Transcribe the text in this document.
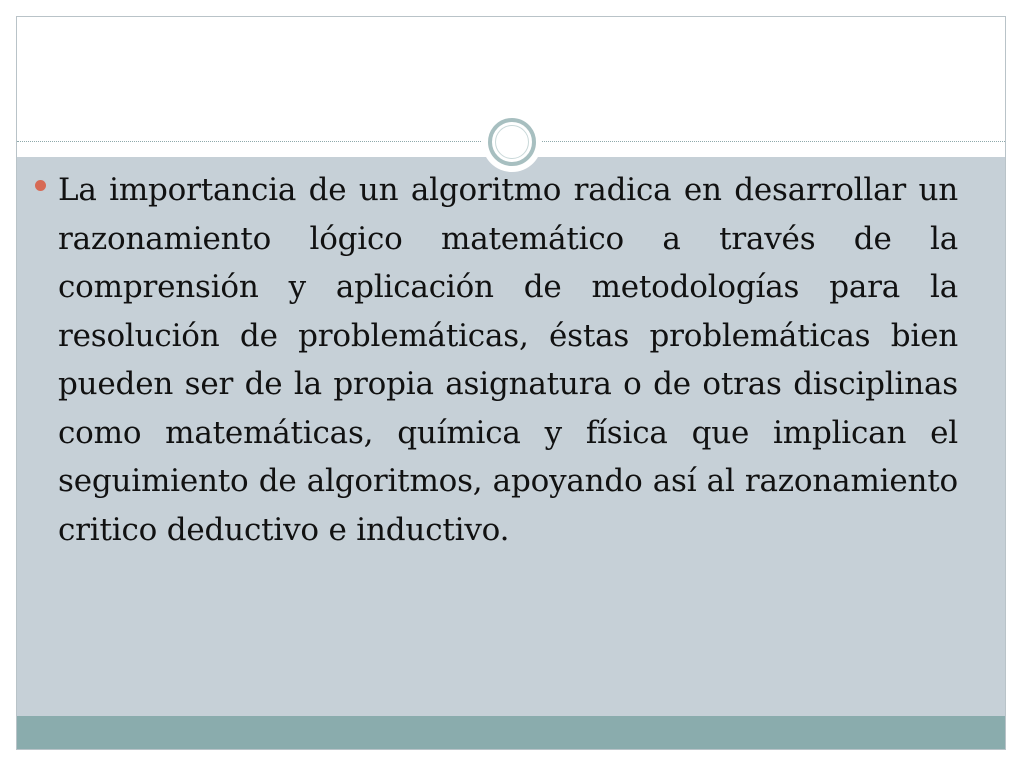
La importancia de un algoritmo radica en desarrollar un razonamiento lógico matemático a través de la comprensión y aplicación de metodologías para la resolución de problemáticas, éstas problemáticas bien pueden ser de la propia asignatura o de otras disciplinas como matemáticas, química y física que implican el seguimiento de algoritmos, apoyando así al razonamiento critico deductivo e inductivo.
